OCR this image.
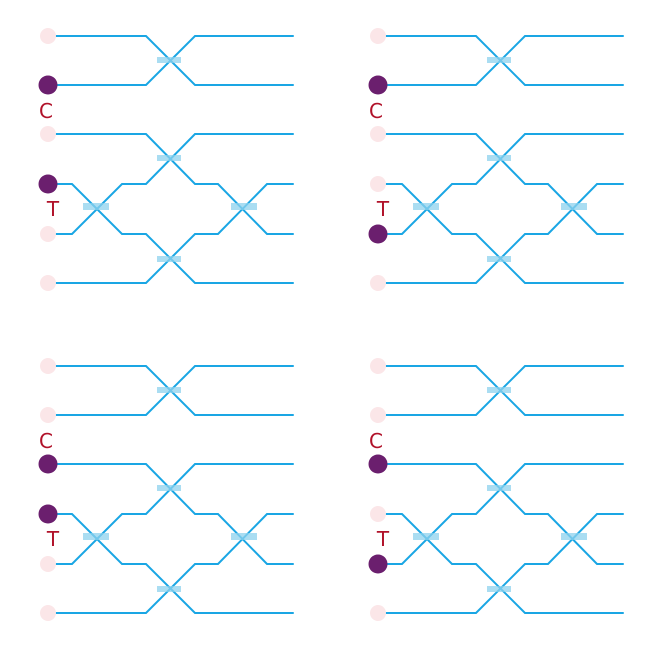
C
T
C
T
C
T
C
T
